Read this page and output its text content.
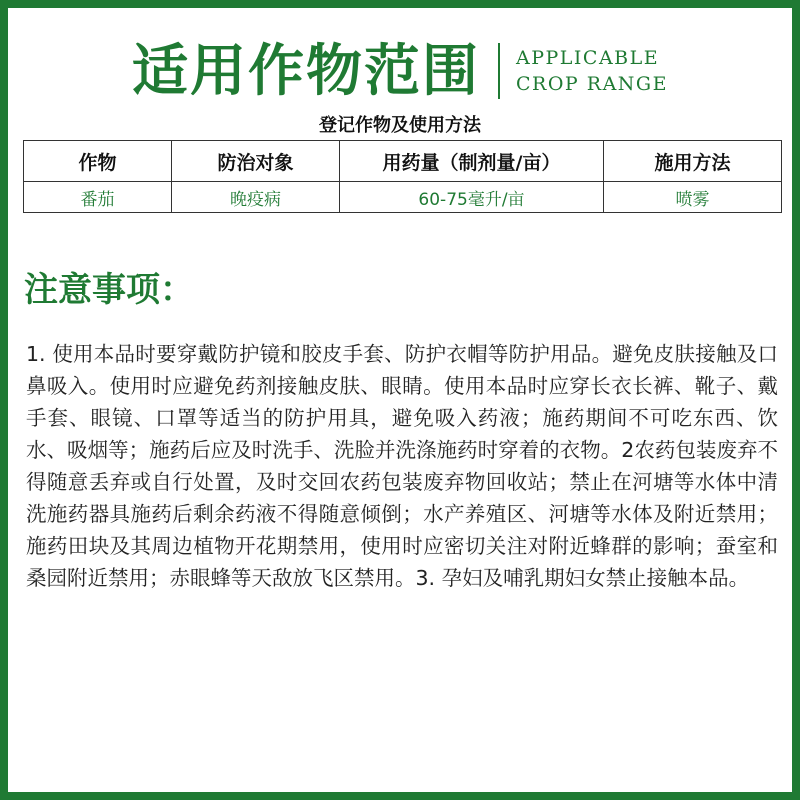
适用作物范围 APPLICABLE
CROP RANGE
登记作物及使用方法
作物	防治对象	用药量（制剂量/亩）	施用方法
番茄	晚疫病	60-75毫升/亩	喷雾
注意事项：

1. 使用本品时要穿戴防护镜和胶皮手套、防护衣帽等防护用品。避免皮肤接触及口鼻吸入。使用时应避免药剂接触皮肤、眼睛。使用本品时应穿长衣长裤、靴子、戴手套、眼镜、口罩等适当的防护用具，避免吸入药液；施药期间不可吃东西、饮水、吸烟等；施药后应及时洗手、洗脸并洗涤施药时穿着的衣物。2农药包装废弃不得随意丢弃或自行处置，及时交回农药包装废弃物回收站；禁止在河塘等水体中清洗施药器具施药后剩余药液不得随意倾倒；水产养殖区、河塘等水体及附近禁用；施药田块及其周边植物开花期禁用，使用时应密切关注对附近蜂群的影响；蚕室和桑园附近禁用；赤眼蜂等天敌放飞区禁用。3. 孕妇及哺乳期妇女禁止接触本品。
